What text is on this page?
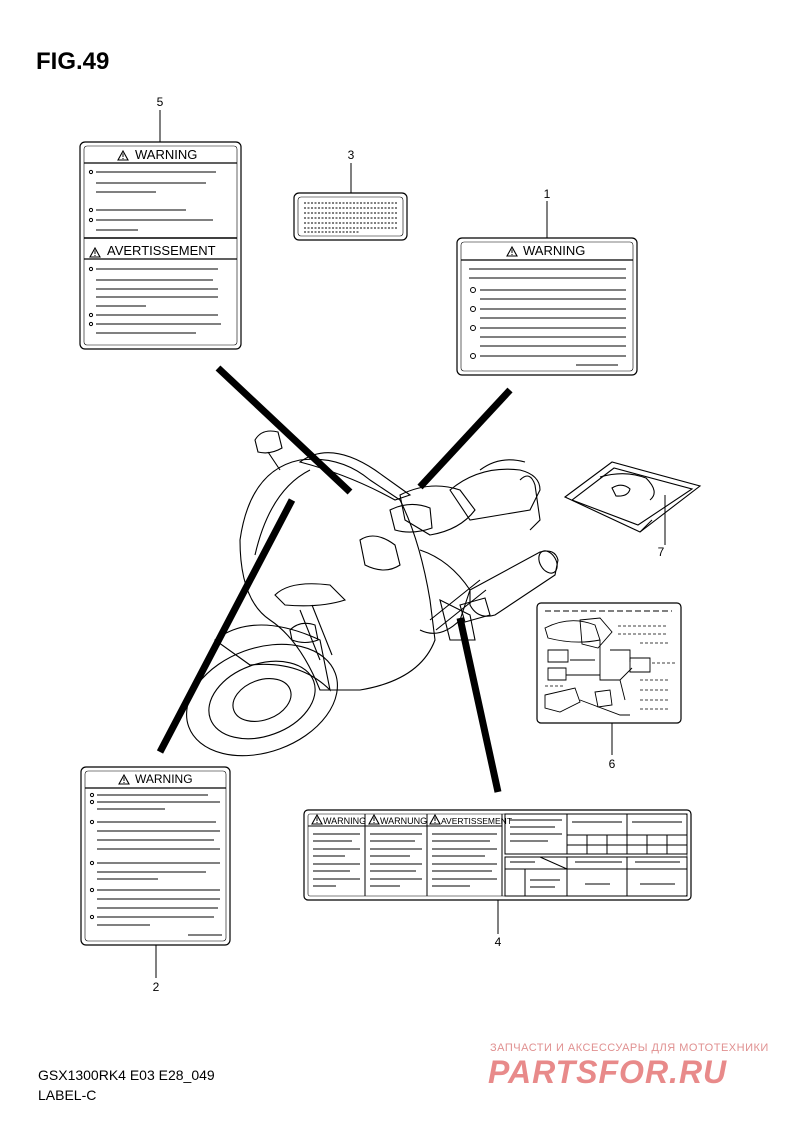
FIG.49
5
3
1
7
6
2
4
WARNING
AVERTISSEMENT	WARNING
WARNING
WARNING WARNUNG AVERTISSEMENT
GSX1300RK4 E03 E28_049
LABEL-C
ЗАПЧАСТИ И АКСЕССУАРЫ ДЛЯ МОТОТЕХНИКИ
PARTSFOR.RU
